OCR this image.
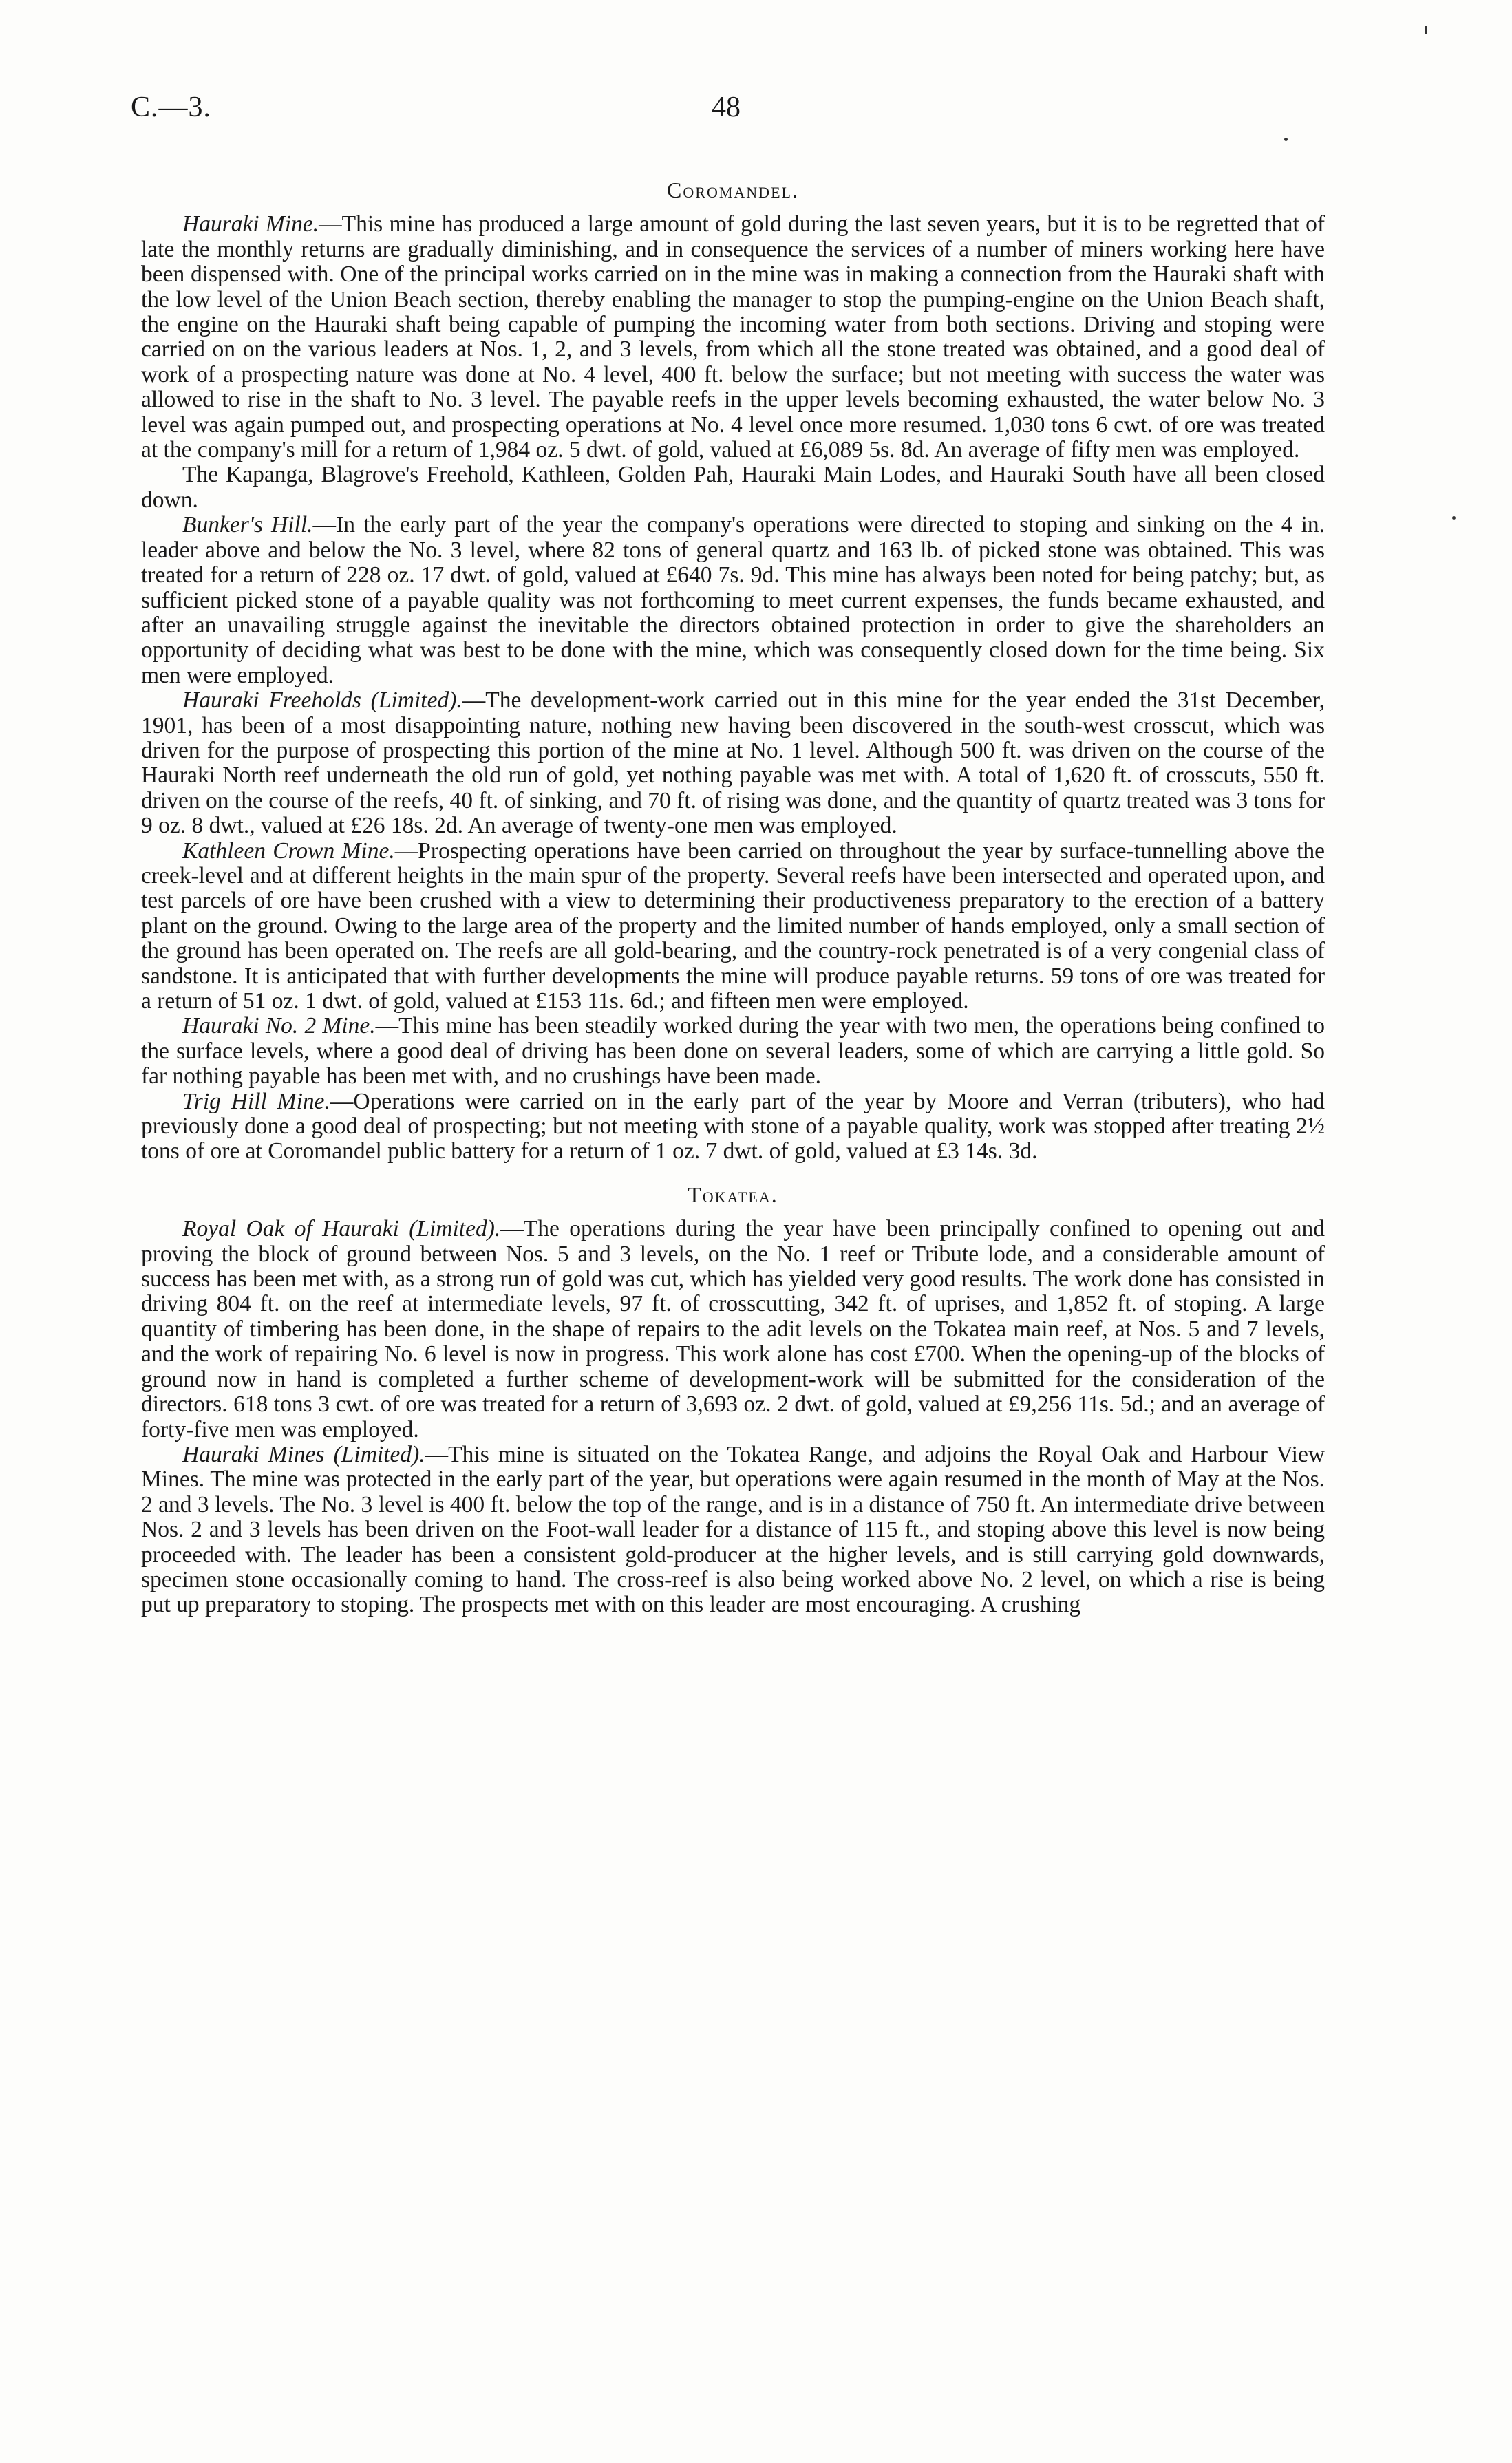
C.—3.	48
Coromandel.

Hauraki Mine.—This mine has produced a large amount of gold during the last seven years, but it is to be regretted that of late the monthly returns are gradually diminishing, and in consequence the services of a number of miners working here have been dispensed with. One of the principal works carried on in the mine was in making a connection from the Hauraki shaft with the low level of the Union Beach section, thereby enabling the manager to stop the pumping-engine on the Union Beach shaft, the engine on the Hauraki shaft being capable of pumping the incoming water from both sections. Driving and stoping were carried on on the various leaders at Nos. 1, 2, and 3 levels, from which all the stone treated was obtained, and a good deal of work of a prospecting nature was done at No. 4 level, 400 ft. below the surface; but not meeting with success the water was allowed to rise in the shaft to No. 3 level. The payable reefs in the upper levels becoming exhausted, the water below No. 3 level was again pumped out, and prospecting operations at No. 4 level once more resumed. 1,030 tons 6 cwt. of ore was treated at the company's mill for a return of 1,984 oz. 5 dwt. of gold, valued at £6,089 5s. 8d. An average of fifty men was employed.

The Kapanga, Blagrove's Freehold, Kathleen, Golden Pah, Hauraki Main Lodes, and Hauraki South have all been closed down.

Bunker's Hill.—In the early part of the year the company's operations were directed to stoping and sinking on the 4 in. leader above and below the No. 3 level, where 82 tons of general quartz and 163 lb. of picked stone was obtained. This was treated for a return of 228 oz. 17 dwt. of gold, valued at £640 7s. 9d. This mine has always been noted for being patchy; but, as sufficient picked stone of a payable quality was not forthcoming to meet current expenses, the funds became exhausted, and after an unavailing struggle against the inevitable the directors obtained protection in order to give the shareholders an opportunity of deciding what was best to be done with the mine, which was consequently closed down for the time being. Six men were employed.

Hauraki Freeholds (Limited).—The development-work carried out in this mine for the year ended the 31st December, 1901, has been of a most disappointing nature, nothing new having been discovered in the south-west crosscut, which was driven for the purpose of prospecting this portion of the mine at No. 1 level. Although 500 ft. was driven on the course of the Hauraki North reef underneath the old run of gold, yet nothing payable was met with. A total of 1,620 ft. of crosscuts, 550 ft. driven on the course of the reefs, 40 ft. of sinking, and 70 ft. of rising was done, and the quantity of quartz treated was 3 tons for 9 oz. 8 dwt., valued at £26 18s. 2d. An average of twenty-one men was employed.

Kathleen Crown Mine.—Prospecting operations have been carried on throughout the year by surface-tunnelling above the creek-level and at different heights in the main spur of the property. Several reefs have been intersected and operated upon, and test parcels of ore have been crushed with a view to determining their productiveness preparatory to the erection of a battery plant on the ground. Owing to the large area of the property and the limited number of hands employed, only a small section of the ground has been operated on. The reefs are all gold-bearing, and the country-rock penetrated is of a very congenial class of sandstone. It is anticipated that with further developments the mine will produce payable returns. 59 tons of ore was treated for a return of 51 oz. 1 dwt. of gold, valued at £153 11s. 6d.; and fifteen men were employed.

Hauraki No. 2 Mine.—This mine has been steadily worked during the year with two men, the operations being confined to the surface levels, where a good deal of driving has been done on several leaders, some of which are carrying a little gold. So far nothing payable has been met with, and no crushings have been made.

Trig Hill Mine.—Operations were carried on in the early part of the year by Moore and Verran (tributers), who had previously done a good deal of prospecting; but not meeting with stone of a payable quality, work was stopped after treating 2½ tons of ore at Coromandel public battery for a return of 1 oz. 7 dwt. of gold, valued at £3 14s. 3d.

Tokatea.

Royal Oak of Hauraki (Limited).—The operations during the year have been principally confined to opening out and proving the block of ground between Nos. 5 and 3 levels, on the No. 1 reef or Tribute lode, and a considerable amount of success has been met with, as a strong run of gold was cut, which has yielded very good results. The work done has consisted in driving 804 ft. on the reef at intermediate levels, 97 ft. of crosscutting, 342 ft. of uprises, and 1,852 ft. of stoping. A large quantity of timbering has been done, in the shape of repairs to the adit levels on the Tokatea main reef, at Nos. 5 and 7 levels, and the work of repairing No. 6 level is now in progress. This work alone has cost £700. When the opening-up of the blocks of ground now in hand is completed a further scheme of development-work will be submitted for the consideration of the directors. 618 tons 3 cwt. of ore was treated for a return of 3,693 oz. 2 dwt. of gold, valued at £9,256 11s. 5d.; and an average of forty-five men was employed.

Hauraki Mines (Limited).—This mine is situated on the Tokatea Range, and adjoins the Royal Oak and Harbour View Mines. The mine was protected in the early part of the year, but operations were again resumed in the month of May at the Nos. 2 and 3 levels. The No. 3 level is 400 ft. below the top of the range, and is in a distance of 750 ft. An intermediate drive between Nos. 2 and 3 levels has been driven on the Foot-wall leader for a distance of 115 ft., and stoping above this level is now being proceeded with. The leader has been a consistent gold-producer at the higher levels, and is still carrying gold downwards, specimen stone occasionally coming to hand. The cross-reef is also being worked above No. 2 level, on which a rise is being put up preparatory to stoping. The prospects met with on this leader are most encouraging. A crushing
